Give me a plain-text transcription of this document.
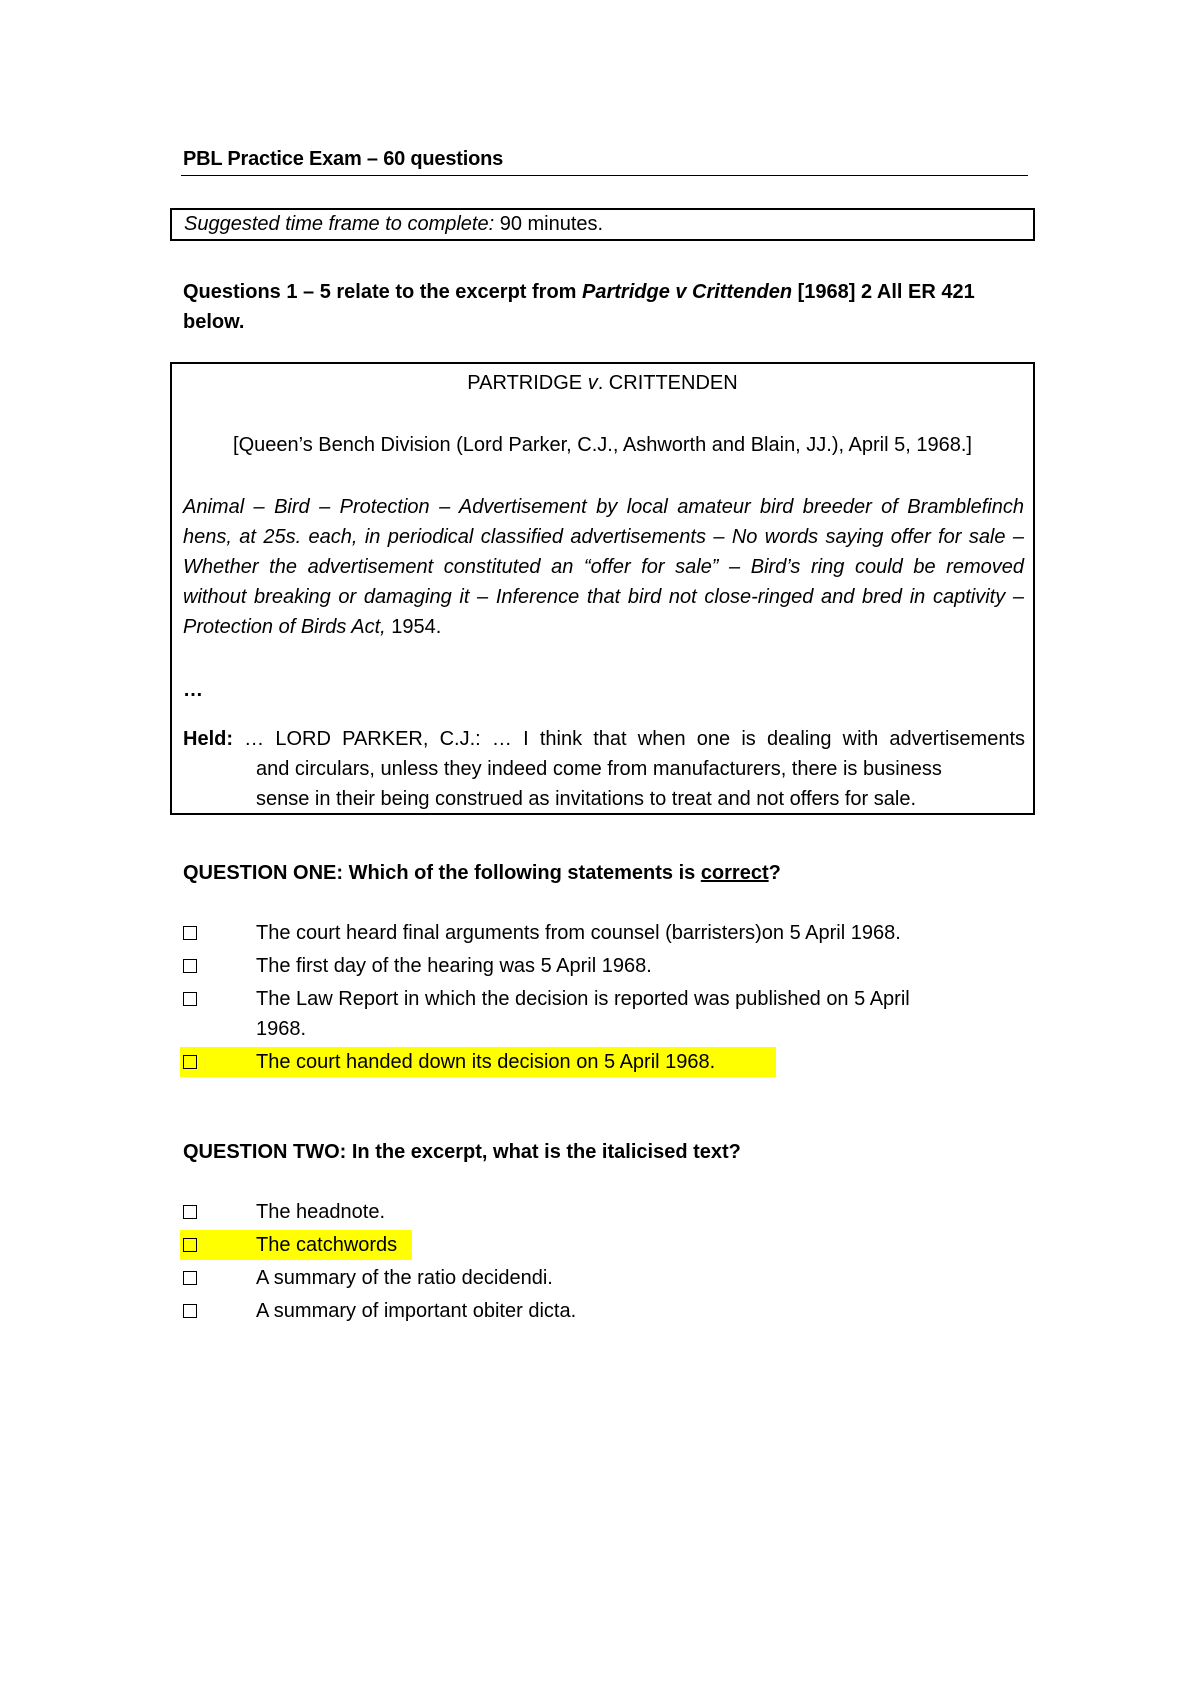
PBL Practice Exam – 60 questions
Suggested time frame to complete: 90 minutes.
Questions 1 – 5 relate to the excerpt from Partridge v Crittenden [1968] 2 All ER 421 below.
PARTRIDGE v. CRITTENDEN
[Queen’s Bench Division (Lord Parker, C.J., Ashworth and Blain, JJ.), April 5, 1968.]
Animal – Bird – Protection – Advertisement by local amateur bird breeder of Bramblefinch hens, at 25s. each, in periodical classified advertisements – No words saying offer for sale – Whether the advertisement constituted an “offer for sale” – Bird’s ring could be removed without breaking or damaging it – Inference that bird not close-ringed and bred in captivity – Protection of Birds Act, 1954.
…
Held: … LORD PARKER, C.J.: … I think that when one is dealing with advertisements
and circulars, unless they indeed come from manufacturers, there is business
sense in their being construed as invitations to treat and not offers for sale.
QUESTION ONE: Which of the following statements is correct?
The court heard final arguments from counsel (barristers)on 5 April 1968.
The first day of the hearing was 5 April 1968.
The Law Report in which the decision is reported was published on 5 April
1968.
The court handed down its decision on 5 April 1968.
QUESTION TWO: In the excerpt, what is the italicised text?
The headnote.
The catchwords
A summary of the ratio decidendi.
A summary of important obiter dicta.
